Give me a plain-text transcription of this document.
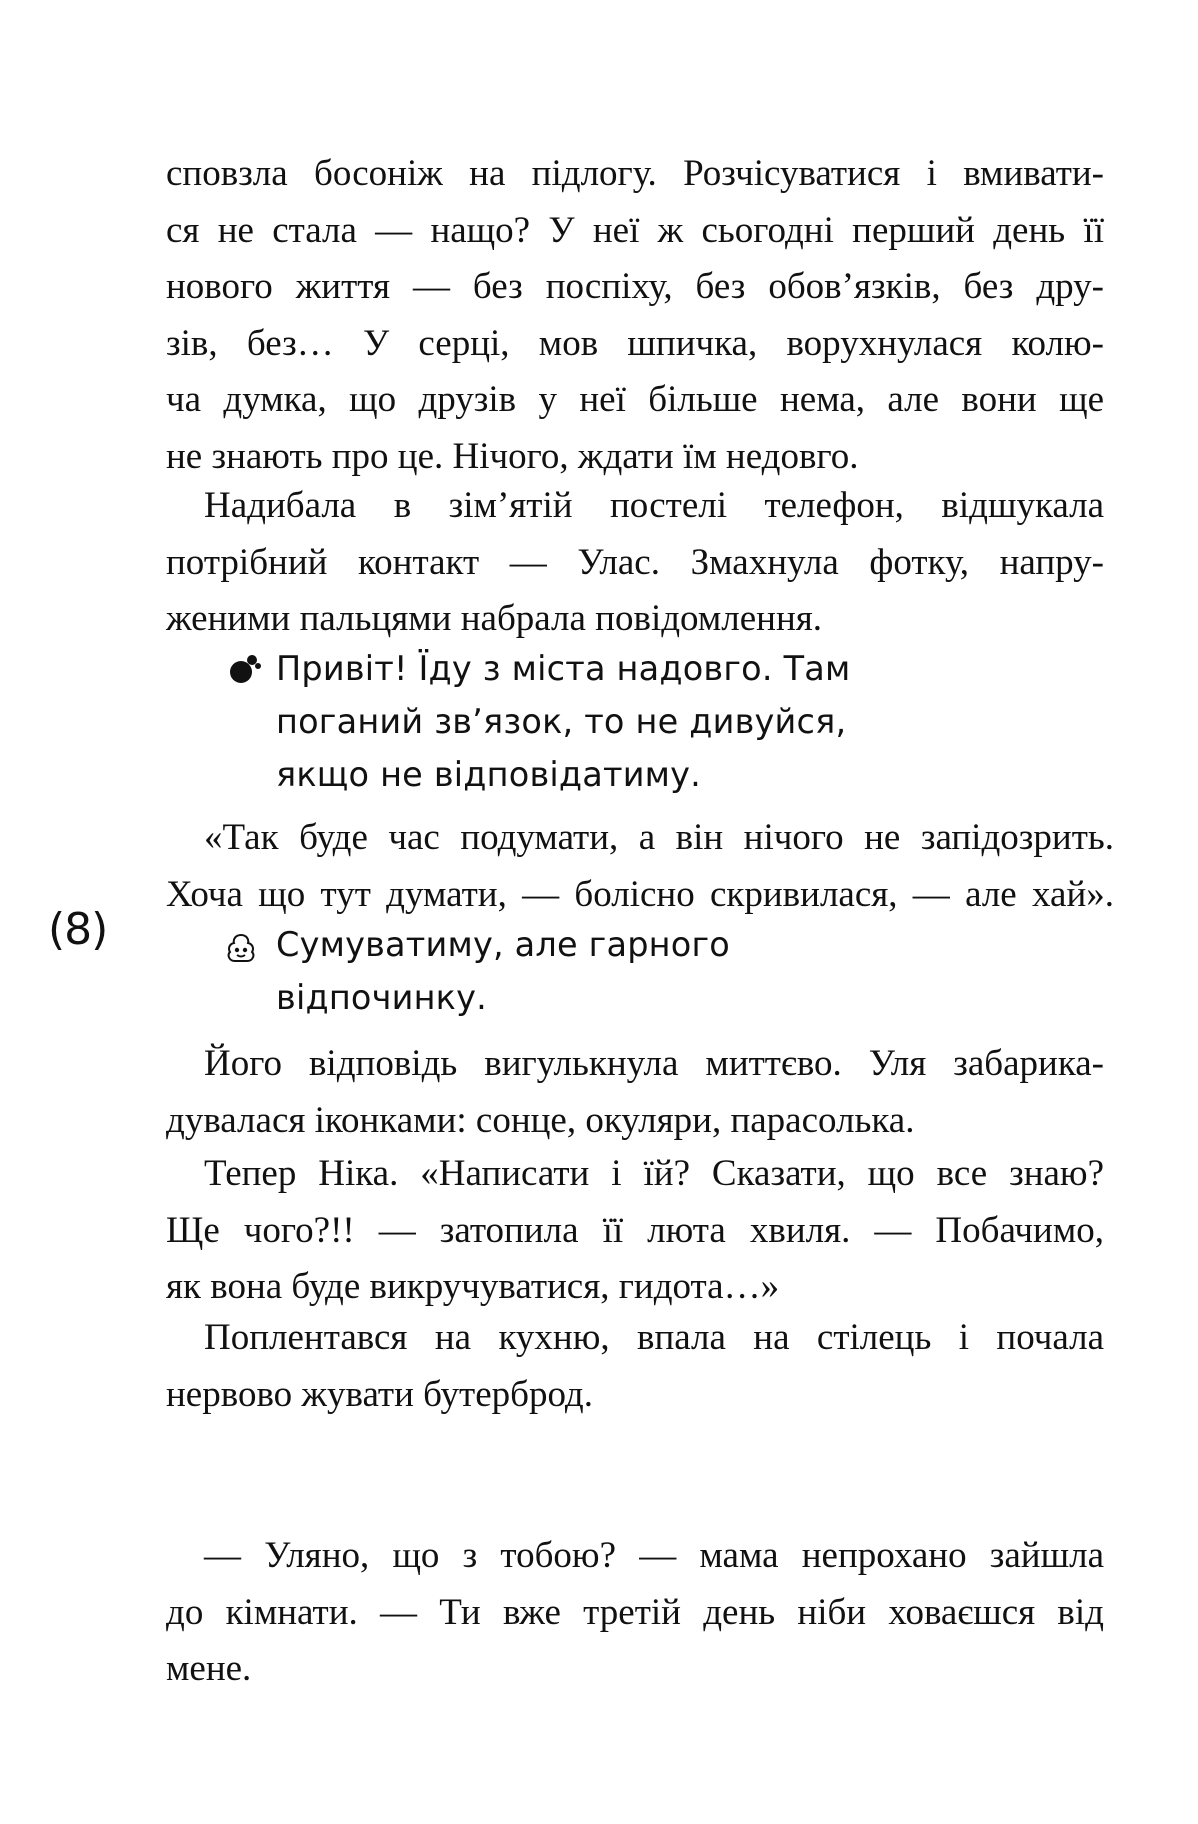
сповзла босоніж на підлогу. Розчісуватися і вмивати-
ся не стала — нащо? У неї ж сьогодні перший день її
нового життя — без поспіху, без обов’язків, без дру-
зів, без… У серці, мов шпичка, ворухнулася колю-
ча думка, що друзів у неї більше нема, але вони ще
не знають про це. Нічого, ждати їм недовго.
Надибала в зім’ятій постелі телефон, відшукала
потрібний контакт — Улас. Змахнула фотку, напру-
женими пальцями набрала повідомлення.
Привіт! Їду з міста надовго. Там
поганий зв’язок, то не дивуйся,
якщо не відповідатиму.
«Так буде час подумати, а він нічого не запідозрить.
Хоча що тут думати, — болісно скривилася, — але хай».
(8)	Сумуватиму, але гарного
відпочинку.
Його відповідь вигулькнула миттєво. Уля забарика-
дувалася іконками: сонце, окуляри, парасолька.
Тепер Ніка. «Написати і їй? Сказати, що все знаю?
Ще чого?!! — затопила її люта хвиля. — Побачимо,
як вона буде викручуватися, гидота…»
Поплентався на кухню, впала на стілець і почала
нервово жувати бутерброд.
— Уляно, що з тобою? — мама непрохано зайшла
до кімнати. — Ти вже третій день ніби ховаєшся від
мене.
